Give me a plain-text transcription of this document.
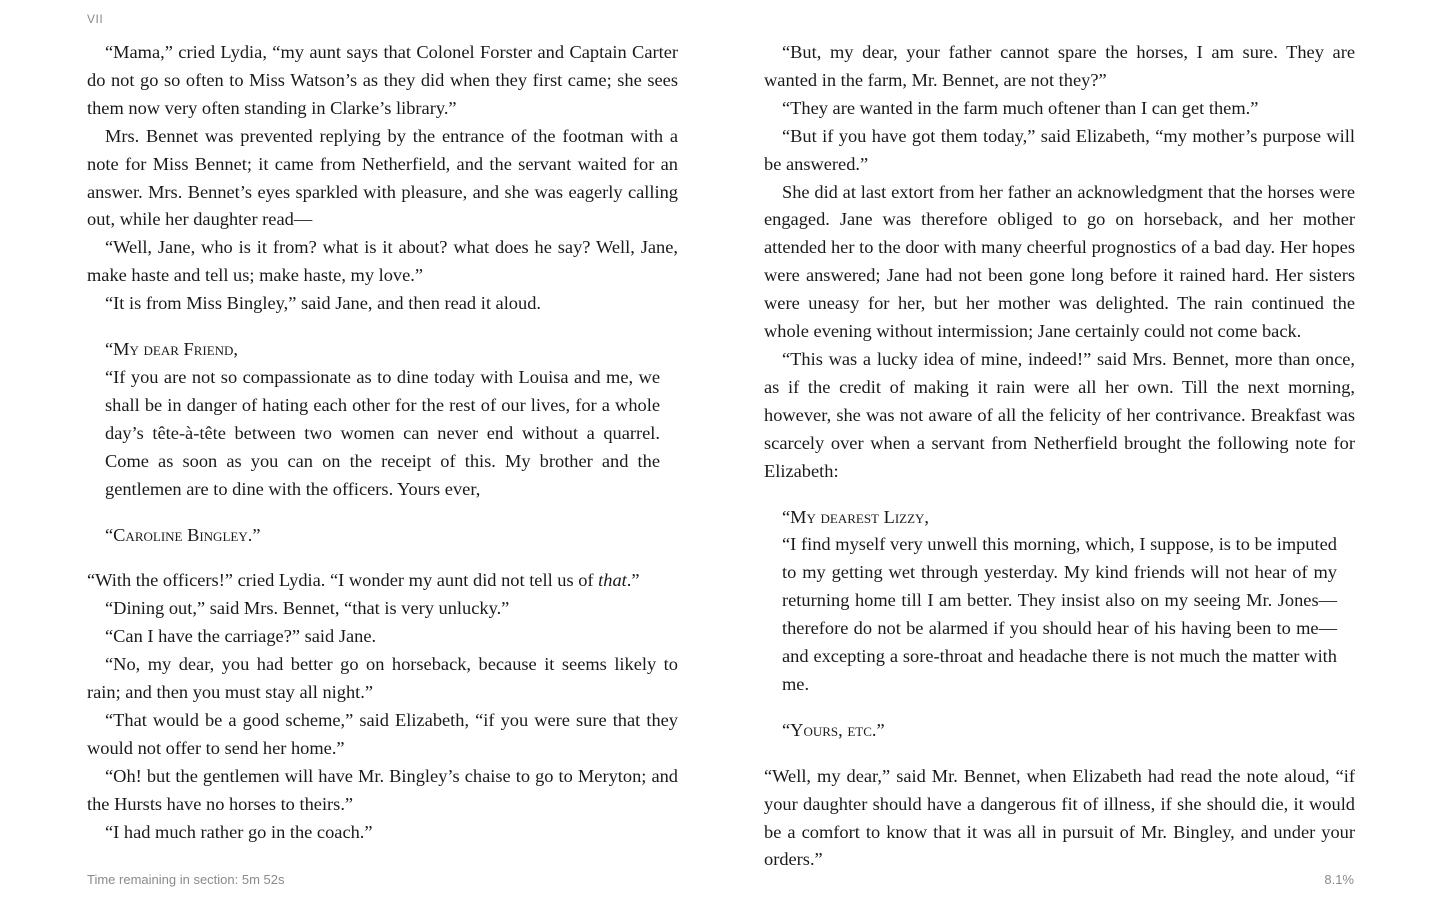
VII

“Mama,” cried Lydia, “my aunt says that Colonel Forster and Captain Carter do not go so often to Miss Watson’s as they did when they first came; she sees them now very often standing in Clarke’s library.”

Mrs. Bennet was prevented replying by the entrance of the footman with a note for Miss Bennet; it came from Netherfield, and the servant waited for an answer. Mrs. Bennet’s eyes sparkled with pleasure, and she was eagerly calling out, while her daughter read—

“Well, Jane, who is it from? what is it about? what does he say? Well, Jane, make haste and tell us; make haste, my love.”

“It is from Miss Bingley,” said Jane, and then read it aloud.

“My dear Friend,

“If you are not so compassionate as to dine today with Louisa and me, we shall be in danger of hating each other for the rest of our lives, for a whole day’s tête-à-tête between two women can never end without a quarrel. Come as soon as you can on the receipt of this. My brother and the gentlemen are to dine with the officers. Yours ever,

“Caroline Bingley.”

“With the officers!” cried Lydia. “I wonder my aunt did not tell us of that.”

“Dining out,” said Mrs. Bennet, “that is very unlucky.”

“Can I have the carriage?” said Jane.

“No, my dear, you had better go on horseback, because it seems likely to rain; and then you must stay all night.”

“That would be a good scheme,” said Elizabeth, “if you were sure that they would not offer to send her home.”

“Oh! but the gentlemen will have Mr. Bingley’s chaise to go to Meryton; and the Hursts have no horses to theirs.”

“I had much rather go in the coach.”

“But, my dear, your father cannot spare the horses, I am sure. They are wanted in the farm, Mr. Bennet, are not they?”

“They are wanted in the farm much oftener than I can get them.”

“But if you have got them today,” said Elizabeth, “my mother’s purpose will be answered.”

She did at last extort from her father an acknowledgment that the horses were engaged. Jane was therefore obliged to go on horseback, and her mother attended her to the door with many cheerful prognostics of a bad day. Her hopes were answered; Jane had not been gone long before it rained hard. Her sisters were uneasy for her, but her mother was delighted. The rain continued the whole evening without intermission; Jane certainly could not come back.

“This was a lucky idea of mine, indeed!” said Mrs. Bennet, more than once, as if the credit of making it rain were all her own. Till the next morning, however, she was not aware of all the felicity of her contrivance. Breakfast was scarcely over when a servant from Netherfield brought the following note for Elizabeth:

“My dearest Lizzy,

“I find myself very unwell this morning, which, I suppose, is to be imputed to my getting wet through yesterday. My kind friends will not hear of my returning home till I am better. They insist also on my seeing Mr. Jones—therefore do not be alarmed if you should hear of his having been to me—and excepting a sore-throat and headache there is not much the matter with me.

“Yours, etc.”

“Well, my dear,” said Mr. Bennet, when Elizabeth had read the note aloud, “if your daughter should have a dangerous fit of illness, if she should die, it would be a comfort to know that it was all in pursuit of Mr. Bingley, and under your orders.”

Time remaining in section: 5m 52s	8.1%
